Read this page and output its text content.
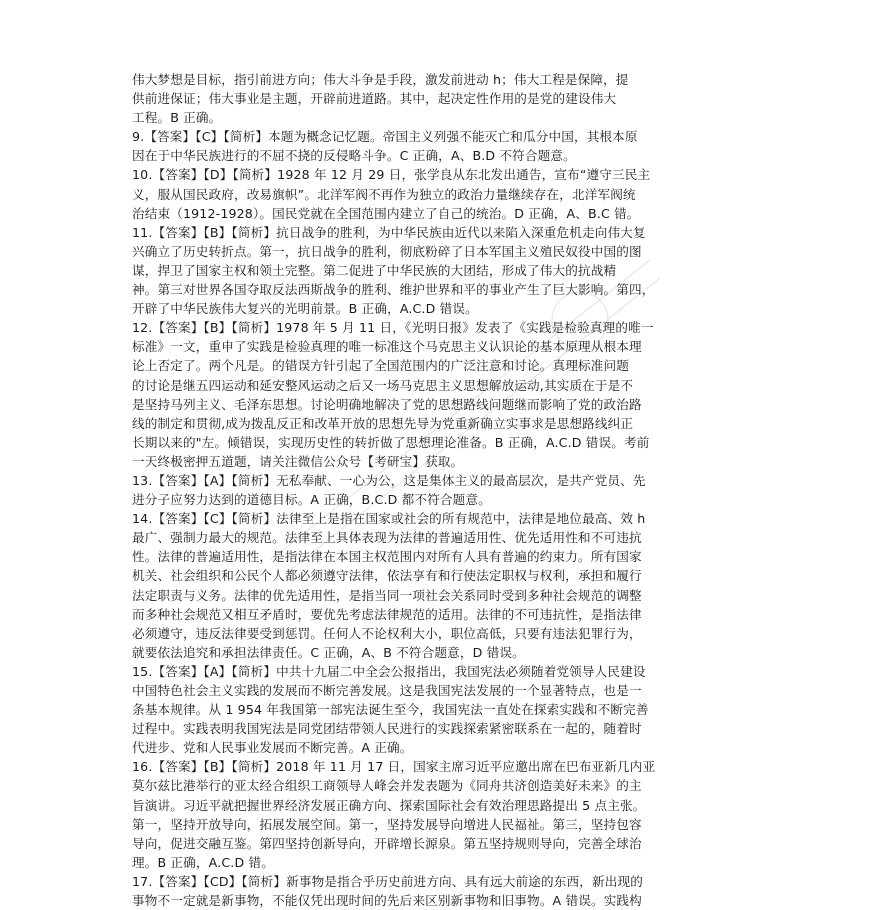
伟大梦想是目标，指引前进方向；伟大斗争是手段，激发前进动 h；伟大工程是保障，提
供前进保证；伟大事业是主题，开辟前进道路。其中，起决定性作用的是党的建设伟大
工程。B 正确。
9.【答案】【C】【简析】本题为概念记忆题。帝国主义列强不能灭亡和瓜分中国，其根本原
因在于中华民族进行的不屈不挠的反侵略斗争。C 正确，A、B.D 不符合题意。
10.【答案】【D】【简析】1928 年 12 月 29 日，张学良从东北发出通告，宣布“遵守三民主
义，服从国民政府，改易旗帜”。北洋军阀不再作为独立的政治力量继续存在，北洋军阀统
治结束（1912-1928）。国民党就在全国范围内建立了自己的统治。D 正确，A、B.C 错。
11.【答案】【B】【简析】抗日战争的胜利，为中华民族由近代以来陷入深重危机走向伟大复
兴确立了历史转折点。第一，抗日战争的胜利，彻底粉碎了日本军国主义殖民奴役中国的图
谋，捍卫了国家主权和领土完整。第二促进了中华民族的大团结，形成了伟大的抗战精
神。第三对世界各国夺取反法西斯战争的胜利、维护世界和平的事业产生了巨大影响。第四，
开辟了中华民族伟大复兴的光明前景。B 正确，A.C.D 错误。
12.【答案】【B】【简析】1978 年 5 月 11 日，《光明日报》发表了《实践是检验真理的唯一
标准》一文，重申了实践是检验真理的唯一标准这个马克思主义认识论的基本原理从根本理
论上否定了。两个凡是。的错误方针引起了全国范围内的广泛注意和讨论。真理标准问题
的讨论是继五四运动和延安整风运动之后又一场马克思主义思想解放运动,其实质在于是不
是坚持马列主义、毛泽东思想。讨论明确地解决了党的思想路线问题继而影响了党的政治路
线的制定和贯彻,成为拨乱反正和改革开放的思想先导为党重新确立实事求是思想路线纠正
长期以来的"左。倾错误，实现历史性的转折做了思想理论准备。B 正确，A.C.D 错误。考前
一天终极密押五道题，请关注微信公众号【考研宝】获取。
13.【答案】【A】【简析】无私奉献、一心为公，这是集体主义的最高层次，是共产党员、先
进分子应努力达到的道德目标。A 正确，B.C.D 都不符合题意。
14.【答案】【C】【简析】法律至上是指在国家或社会的所有规范中，法律是地位最高、效 h
最广、强制力最大的规范。法律至上具体表现为法律的普遍适用性、优先适用性和不可违抗
性。法律的普遍适用性，是指法律在本国主权范围内对所有人具有普遍的约束力。所有国家
机关、社会组织和公民个人都必须遵守法律，依法享有和行使法定职权与权利，承担和履行
法定职责与义务。法律的优先适用性，是指当同一项社会关系同时受到多种社会规范的调整
而多种社会规范又相互矛盾时，要优先考虑法律规范的适用。法律的不可违抗性，是指法律
必须遵守，违反法律要受到惩罚。任何人不论权利大小，职位高低，只要有违法犯罪行为，
就要依法追究和承担法律责任。C 正确，A、B 不符合题意，D 错误。
15.【答案】【A】【简析】中共十九届二中全会公报指出，我国宪法必须随着党领导人民建设
中国特色社会主义实践的发展而不断完善发展。这是我国宪法发展的一个显著特点，也是一
条基本规律。从 1 954 年我国第一部宪法诞生至今，我国宪法一直处在探索实践和不断完善
过程中。实践表明我国宪法是同党团结带领人民进行的实践探索紧密联系在一起的，随着时
代进步、党和人民事业发展而不断完善。A 正确。
16.【答案】【B】【简析】2018 年 11 月 17 日，国家主席习近平应邀出席在巴布亚新几内亚
莫尔兹比港举行的亚太经合组织工商领导人峰会并发表题为《同舟共济创造美好未来》的主
旨演讲。习近平就把握世界经济发展正确方向、探索国际社会有效治理思路提出 5 点主张。
第一，坚持开放导向，拓展发展空间。第一，坚持发展导向增进人民福祉。第三，坚持包容
导向，促进交融互鉴。第四坚持创新导向，开辟增长源泉。第五坚持规则导向，完善全球治
理。B 正确，A.C.D 错。
17.【答案】【CD】【简析】新事物是指合乎历史前进方向、具有远大前途的东西，新出现的
事物不一定就是新事物，不能仅凭出现时间的先后来区别新事物和旧事物。A 错误。实践构
